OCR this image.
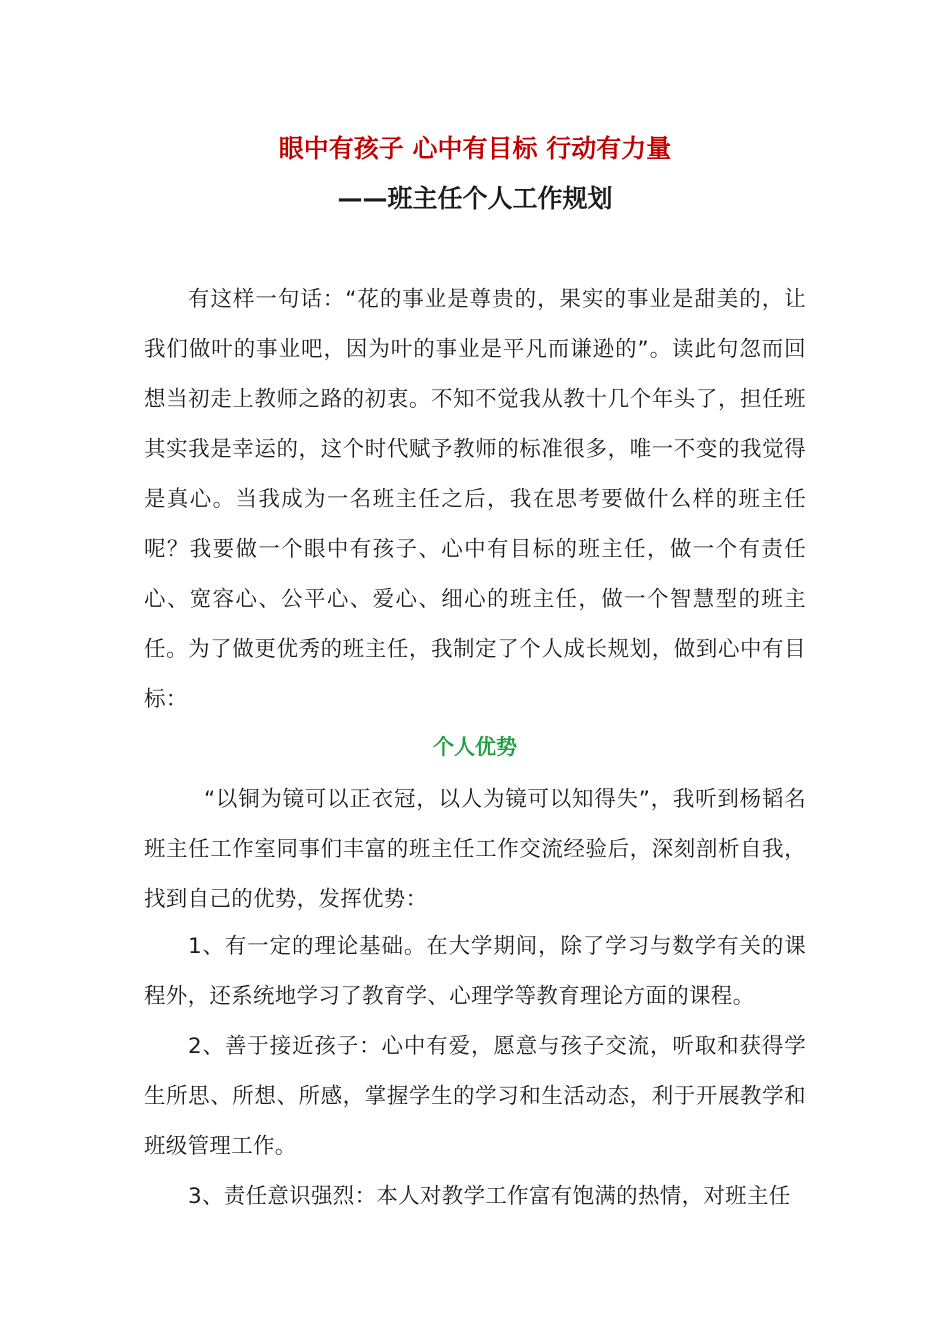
眼中有孩子 心中有目标 行动有力量
——班主任个人工作规划

有这样一句话：“花的事业是尊贵的，果实的事业是甜美的，让我们做叶的事业吧，因为叶的事业是平凡而谦逊的”。读此句忽而回想当初走上教师之路的初衷。不知不觉我从教十几个年头了，担任班其实我是幸运的，这个时代赋予教师的标准很多，唯一不变的我觉得是真心。当我成为一名班主任之后，我在思考要做什么样的班主任呢？我要做一个眼中有孩子、心中有目标的班主任，做一个有责任心、宽容心、公平心、爱心、细心的班主任，做一个智慧型的班主任。为了做更优秀的班主任，我制定了个人成长规划，做到心中有目标：

个人优势

“以铜为镜可以正衣冠，以人为镜可以知得失”，我听到杨韬名班主任工作室同事们丰富的班主任工作交流经验后，深刻剖析自我，找到自己的优势，发挥优势：

1、有一定的理论基础。在大学期间，除了学习与数学有关的课程外，还系统地学习了教育学、心理学等教育理论方面的课程。

2、善于接近孩子：心中有爱，愿意与孩子交流，听取和获得学生所思、所想、所感，掌握学生的学习和生活动态，利于开展教学和班级管理工作。

3、责任意识强烈：本人对教学工作富有饱满的热情，对班主任
